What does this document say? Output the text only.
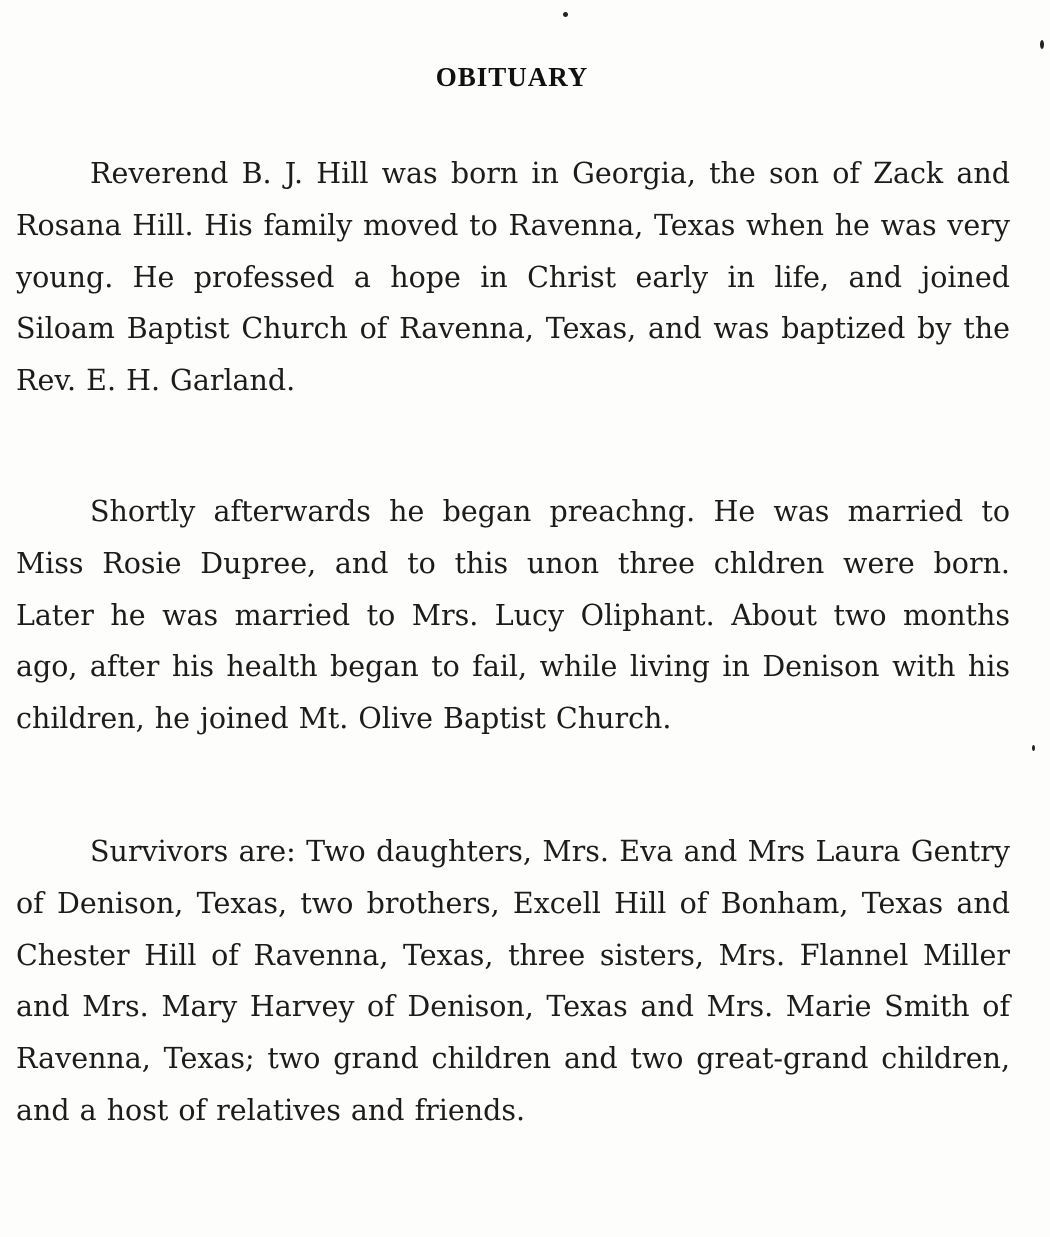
OBITUARY

Reverend B. J. Hill was born in Georgia, the son of Zack and Rosana Hill. His family moved to Ravenna, Texas when he was very young. He professed a hope in Christ early in life, and joined Siloam Baptist Church of Ravenna, Texas, and was baptized by the Rev. E. H. Garland.

Shortly afterwards he began preachng. He was married to Miss Rosie Dupree, and to this unon three chldren were born. Later he was married to Mrs. Lucy Oliphant. About two months ago, after his health began to fail, while living in Denison with his children, he joined Mt. Olive Baptist Church.

Survivors are: Two daughters, Mrs. Eva and Mrs Laura Gentry of Denison, Texas, two brothers, Excell Hill of Bonham, Texas and Chester Hill of Ravenna, Texas, three sisters, Mrs. Flannel Miller and Mrs. Mary Harvey of Denison, Texas and Mrs. Marie Smith of Ravenna, Texas; two grand children and two great-grand children, and a host of relatives and friends.
